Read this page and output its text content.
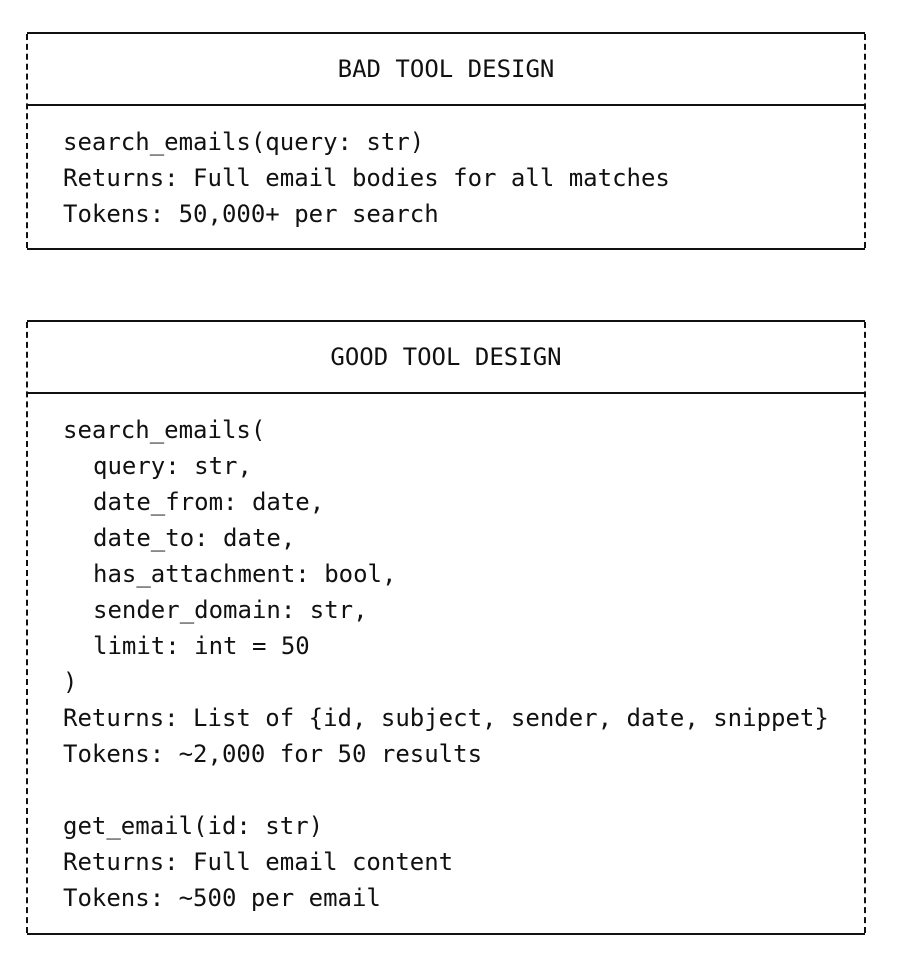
BAD TOOL DESIGN
search_emails(query: str)
Returns: Full email bodies for all matches
Tokens: 50,000+ per search
GOOD TOOL DESIGN
search_emails(
query: str,
date_from: date,
date_to: date,
has_attachment: bool,
sender_domain: str,
limit: int = 50
)
Returns: List of {id, subject, sender, date, snippet}
Tokens: ~2,000 for 50 results
get_email(id: str)
Returns: Full email content
Tokens: ~500 per email
